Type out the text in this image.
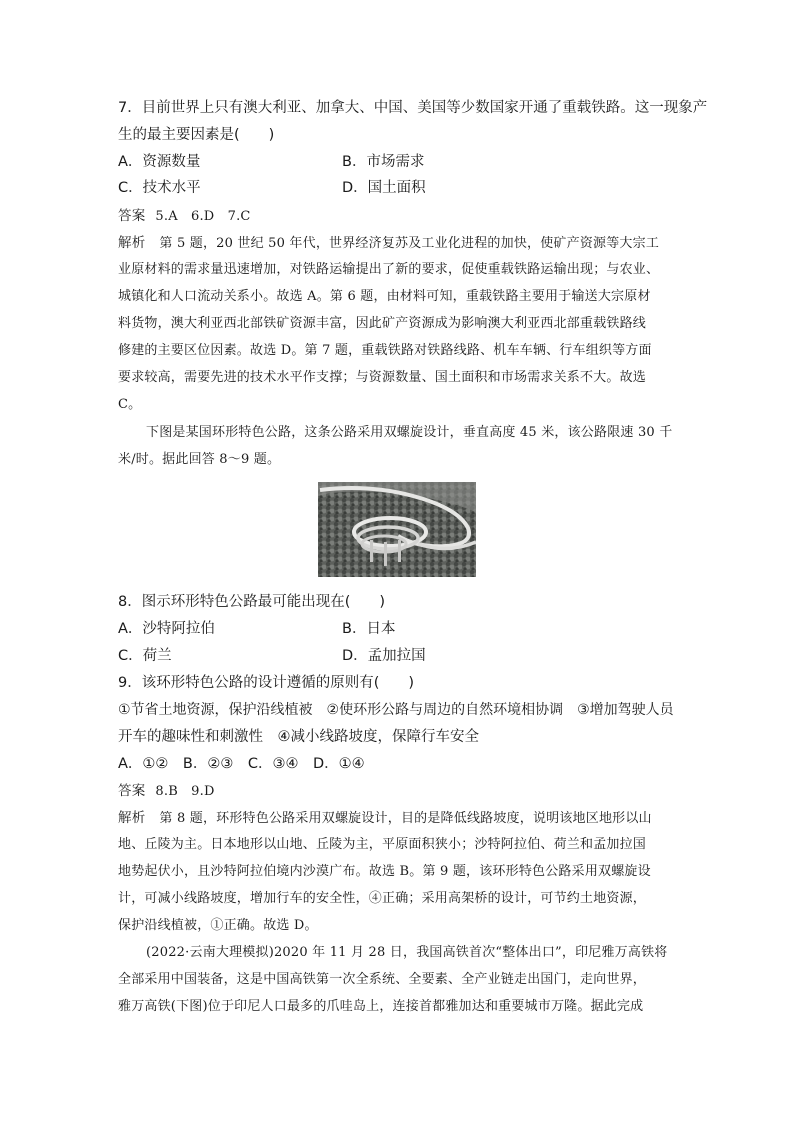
7．目前世界上只有澳大利亚、加拿大、中国、美国等少数国家开通了重载铁路。这一现象产
生的最主要因素是(　　)
A．资源数量	B．市场需求
C．技术水平	D．国土面积
答案 5.A　6.D　7.C
解析 第 5 题，20 世纪 50 年代，世界经济复苏及工业化进程的加快，使矿产资源等大宗工
业原材料的需求量迅速增加，对铁路运输提出了新的要求，促使重载铁路运输出现；与农业、
城镇化和人口流动关系小。故选 A。第 6 题，由材料可知，重载铁路主要用于输送大宗原材
料货物，澳大利亚西北部铁矿资源丰富，因此矿产资源成为影响澳大利亚西北部重载铁路线
修建的主要区位因素。故选 D。第 7 题，重载铁路对铁路线路、机车车辆、行车组织等方面
要求较高，需要先进的技术水平作支撑；与资源数量、国土面积和市场需求关系不大。故选
C。
下图是某国环形特色公路，这条公路采用双螺旋设计，垂直高度 45 米，该公路限速 30 千
米/时。据此回答 8～9 题。
8．图示环形特色公路最可能出现在(　　)
A．沙特阿拉伯	B．日本
C．荷兰	D．孟加拉国
9．该环形特色公路的设计遵循的原则有(　　)
①节省土地资源，保护沿线植被　②使环形公路与周边的自然环境相协调　③增加驾驶人员
开车的趣味性和刺激性　④减小线路坡度，保障行车安全
A．①②　B．②③　C．③④　D．①④
答案 8.B　9.D
解析 第 8 题，环形特色公路采用双螺旋设计，目的是降低线路坡度，说明该地区地形以山
地、丘陵为主。日本地形以山地、丘陵为主，平原面积狭小；沙特阿拉伯、荷兰和孟加拉国
地势起伏小，且沙特阿拉伯境内沙漠广布。故选 B。第 9 题，该环形特色公路采用双螺旋设
计，可减小线路坡度，增加行车的安全性，④正确；采用高架桥的设计，可节约土地资源，
保护沿线植被，①正确。故选 D。
(2022·云南大理模拟)2020 年 11 月 28 日，我国高铁首次“整体出口”，印尼雅万高铁将
全部采用中国装备，这是中国高铁第一次全系统、全要素、全产业链走出国门，走向世界，
雅万高铁(下图)位于印尼人口最多的爪哇岛上，连接首都雅加达和重要城市万隆。据此完成
